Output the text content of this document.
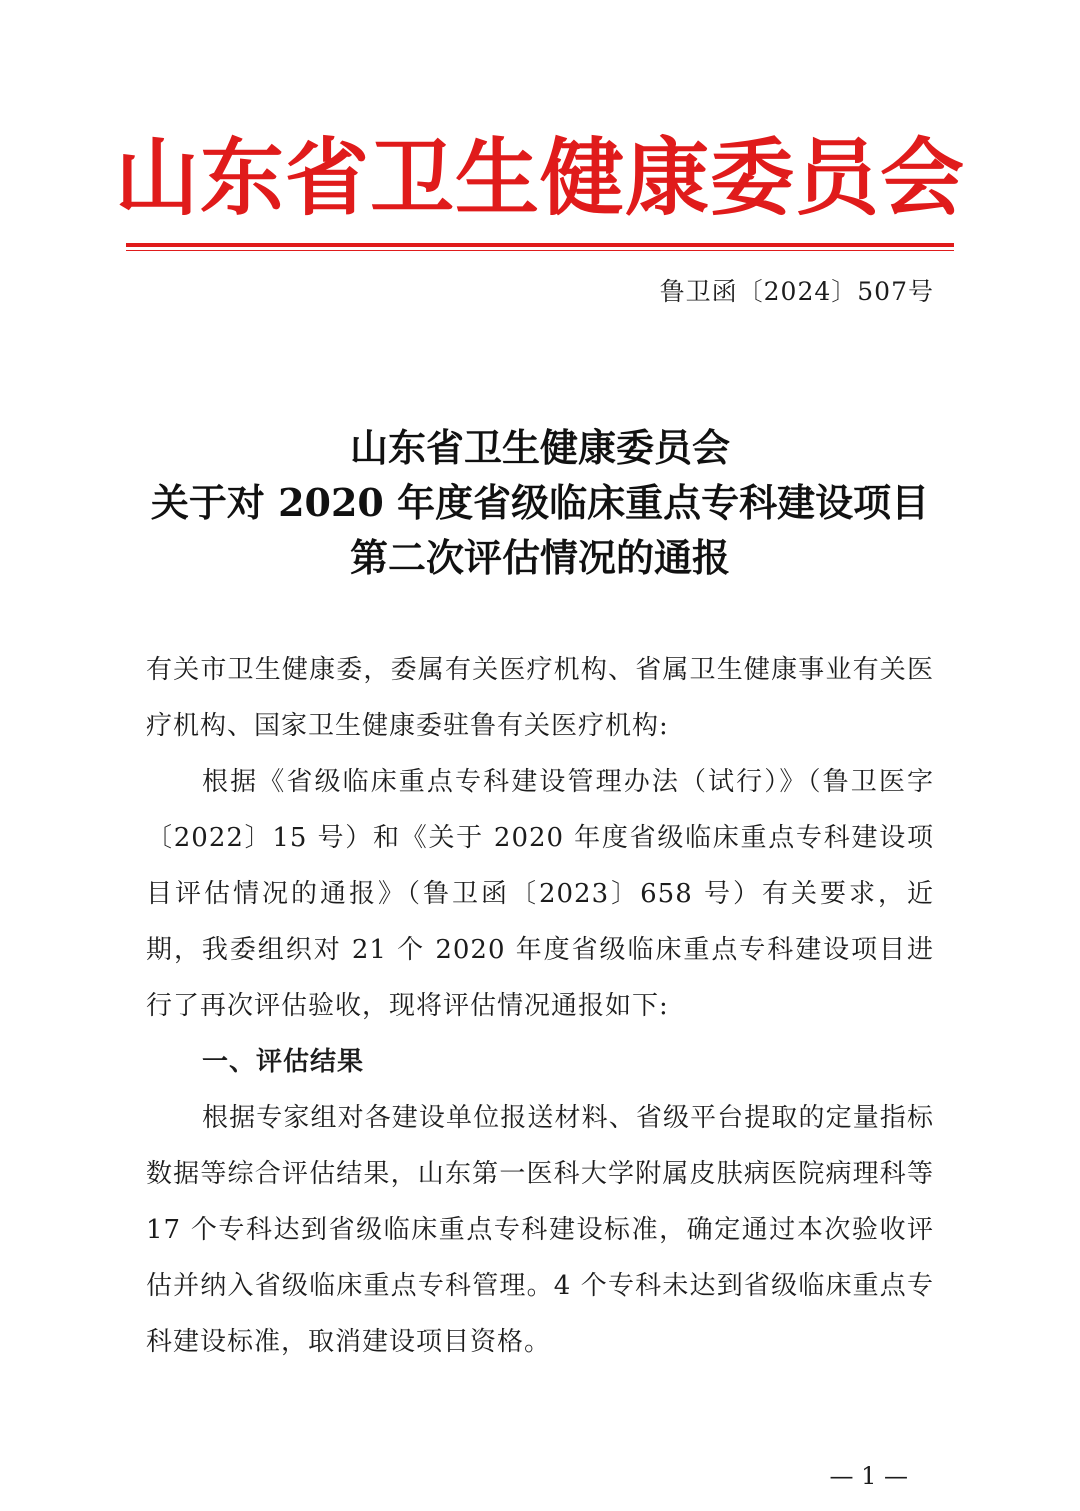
山东省卫生健康委员会
鲁卫函〔2024〕507号
山东省卫生健康委员会
关于对 2020 年度省级临床重点专科建设项目
第二次评估情况的通报

有关市卫生健康委，委属有关医疗机构、省属卫生健康事业有关医疗机构、国家卫生健康委驻鲁有关医疗机构:

根据《省级临床重点专科建设管理办法（试行）》（鲁卫医字〔2022〕15 号）和《关于 2020 年度省级临床重点专科建设项目评估情况的通报》（鲁卫函〔2023〕658 号）有关要求，近期，我委组织对 21 个 2020 年度省级临床重点专科建设项目进行了再次评估验收，现将评估情况通报如下:

一、评估结果

根据专家组对各建设单位报送材料、省级平台提取的定量指标数据等综合评估结果，山东第一医科大学附属皮肤病医院病理科等 17 个专科达到省级临床重点专科建设标准，确定通过本次验收评估并纳入省级临床重点专科管理。4 个专科未达到省级临床重点专科建设标准，取消建设项目资格。

— 1 —
